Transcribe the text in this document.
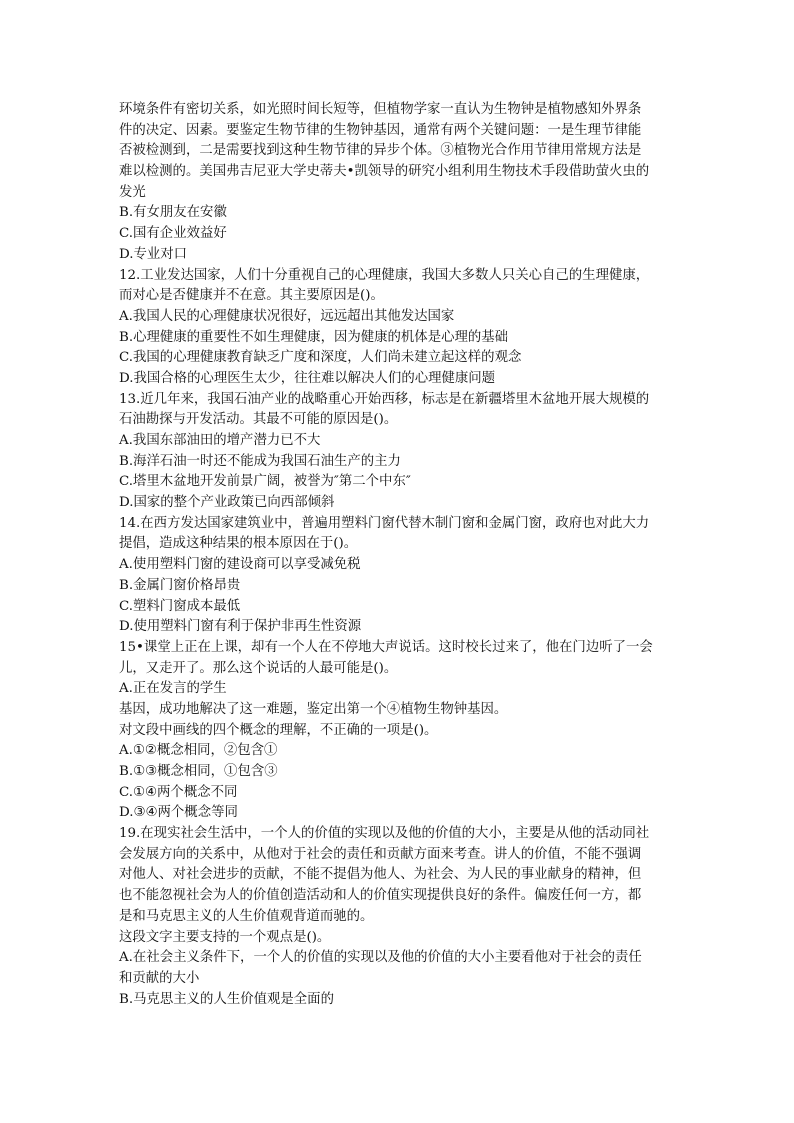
环境条件有密切关系，如光照时间长短等，但植物学家一直认为生物钟是植物感知外界条
件的决定、因素。要鉴定生物节律的生物钟基因，通常有两个关键问题：一是生理节律能
否被检测到，二是需要找到这种生物节律的异步个体。③植物光合作用节律用常规方法是
难以检测的。美国弗吉尼亚大学史蒂夫•凯领导的研究小组利用生物技术手段借助萤火虫的
发光
B.有女朋友在安徽
C.国有企业效益好
D.专业对口
12.工业发达国家，人们十分重视自己的心理健康，我国大多数人只关心自己的生理健康，
而对心是否健康并不在意。其主要原因是()。
A.我国人民的心理健康状况很好，远远超出其他发达国家
B.心理健康的重要性不如生理健康，因为健康的机体是心理的基础
C.我国的心理健康教育缺乏广度和深度，人们尚未建立起这样的观念
D.我国合格的心理医生太少，往往难以解决人们的心理健康问题
13.近几年来，我国石油产业的战略重心开始西移，标志是在新疆塔里木盆地开展大规模的
石油勘探与开发活动。其最不可能的原因是()。
A.我国东部油田的增产潜力已不大
B.海洋石油一时还不能成为我国石油生产的主力
C.塔里木盆地开发前景广阔，被誉为″第二个中东″
D.国家的整个产业政策已向西部倾斜
14.在西方发达国家建筑业中，普遍用塑料门窗代替木制门窗和金属门窗，政府也对此大力
提倡，造成这种结果的根本原因在于()。
A.使用塑料门窗的建设商可以享受减免税
B.金属门窗价格昂贵
C.塑料门窗成本最低
D.使用塑料门窗有利于保护非再生性资源
15•课堂上正在上课，却有一个人在不停地大声说话。这时校长过来了，他在门边听了一会
儿，又走开了。那么这个说话的人最可能是()。
A.正在发言的学生
基因，成功地解决了这一难题，鉴定出第一个④植物生物钟基因。
对文段中画线的四个概念的理解，不正确的一项是()。
A.①②概念相同，②包含①
B.①③概念相同，①包含③
C.①④两个概念不同
D.③④两个概念等同
19.在现实社会生活中，一个人的价值的实现以及他的价值的大小，主要是从他的活动同社
会发展方向的关系中，从他对于社会的责任和贡献方面来考查。讲人的价值，不能不强调
对他人、对社会进步的贡献，不能不提倡为他人、为社会、为人民的事业献身的精神，但
也不能忽视社会为人的价值创造活动和人的价值实现提供良好的条件。偏废任何一方，都
是和马克思主义的人生价值观背道而驰的。
这段文字主要支持的一个观点是()。
A.在社会主义条件下，一个人的价值的实现以及他的价值的大小主要看他对于社会的责任
和贡献的大小
B.马克思主义的人生价值观是全面的
